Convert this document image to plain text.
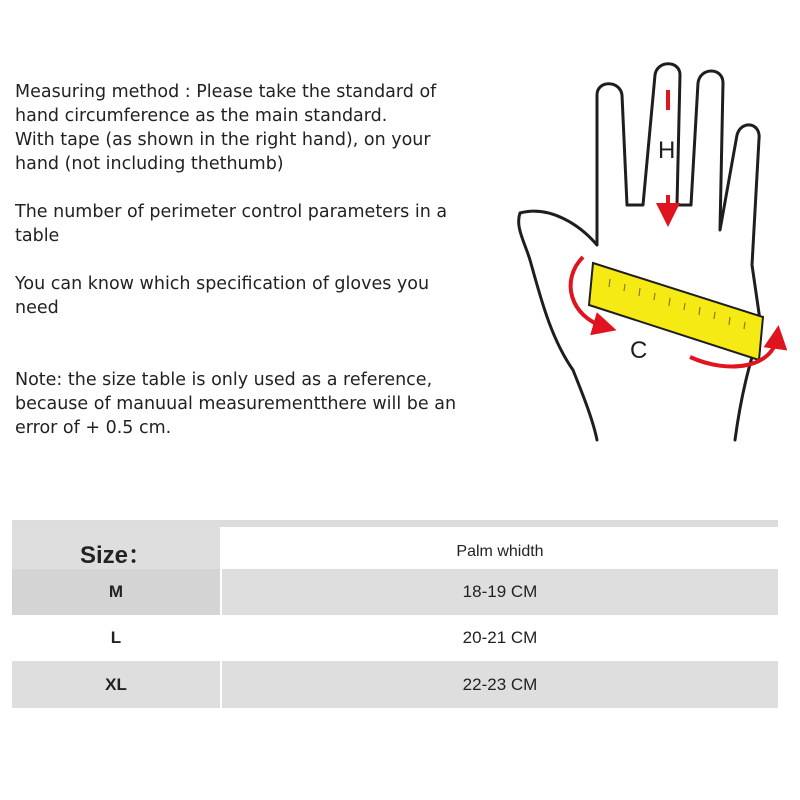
Measuring method : Please take the standard of

hand circumference as the main standard.

With tape (as shown in the right hand), on your

hand (not including thethumb)

The number of perimeter control parameters in a

table

You can know which specification of gloves you

need

Note: the size table is only used as a reference,

because of manuual measurementthere will be an

error of + 0.5 cm.

H
C
Size：	Palm whidth
M	18-19 CM
L	20-21 CM
XL	22-23 CM
